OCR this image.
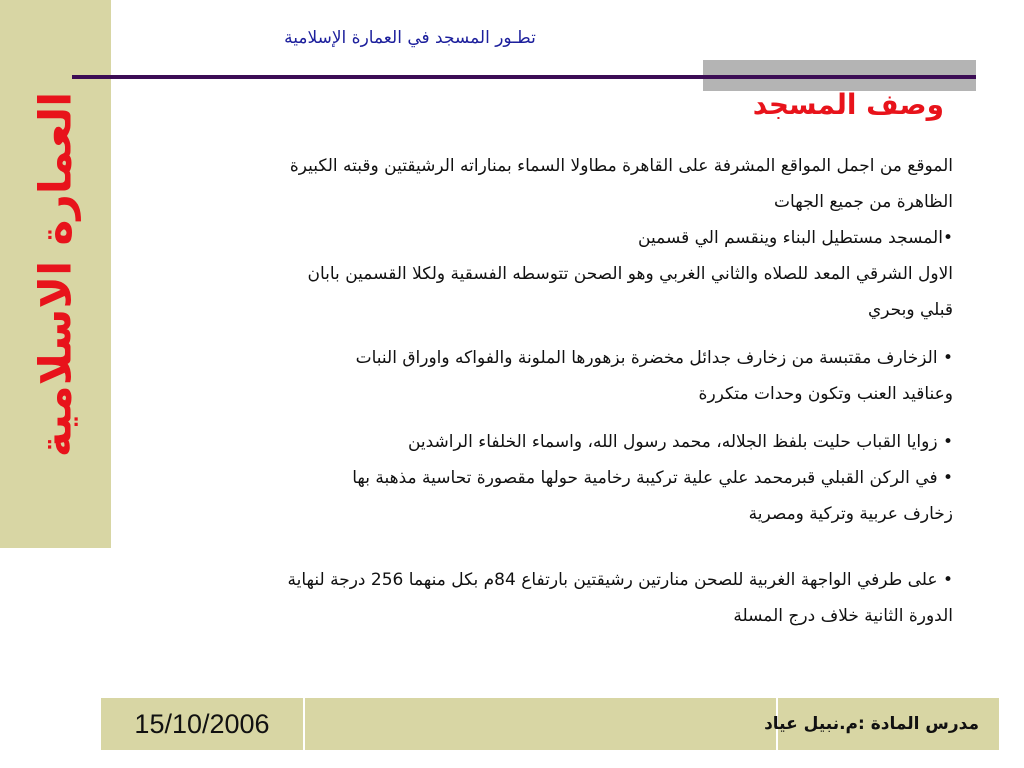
العمارة الاسلامية
تطـور المسجد في العمارة الإسلامية
وصف المسجد

الموقع من اجمل المواقع المشرفة على القاهرة مطاولا السماء بمناراته الرشيقتين وقبته الكبيرة

الظاهرة من جميع الجهات

•المسجد مستطيل البناء وينقسم الي قسمين

الاول الشرقي المعد للصلاه والثاني الغربي وهو الصحن تتوسطه الفسقية ولكلا القسمين بابان

قبلي وبحري

• الزخارف مقتبسة من زخارف جدائل مخضرة بزهورها الملونة والفواكه واوراق النبات

وعناقيد العنب وتكون وحدات متكررة

• زوايا القباب حليت بلفظ الجلاله، محمد رسول الله، واسماء الخلفاء الراشدين

• في الركن القبلي قبرمحمد علي علية تركيبة رخامية حولها مقصورة تحاسية مذهبة بها

زخارف عربية وتركية ومصرية

• على طرفي الواجهة الغربية للصحن منارتين رشيقتين بارتفاع 84م بكل منهما 256 درجة لنهاية

الدورة الثانية خلاف درج المسلة

15/10/2006	مدرس المادة :م.نبيل عياد
